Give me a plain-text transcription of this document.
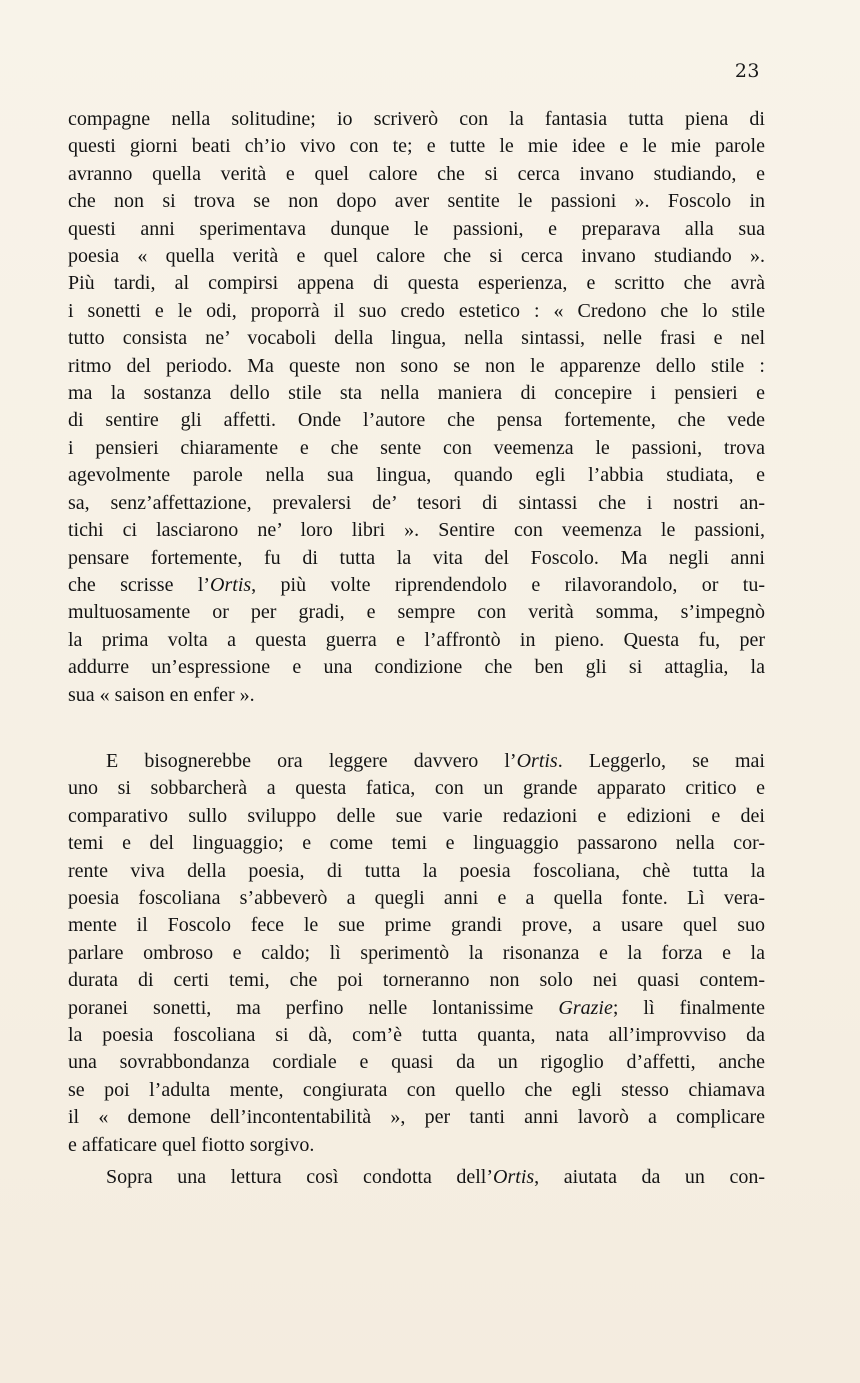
23
compagne nella solitudine; io scriverò con la fantasia tutta piena di
questi giorni beati ch’io vivo con te; e tutte le mie idee e le mie parole
avranno quella verità e quel calore che si cerca invano studiando, e
che non si trova se non dopo aver sentite le passioni ». Foscolo in
questi anni sperimentava dunque le passioni, e preparava alla sua
poesia « quella verità e quel calore che si cerca invano studiando ».
Più tardi, al compirsi appena di questa esperienza, e scritto che avrà
i sonetti e le odi, proporrà il suo credo estetico : « Credono che lo stile
tutto consista ne’ vocaboli della lingua, nella sintassi, nelle frasi e nel
ritmo del periodo. Ma queste non sono se non le apparenze dello stile :
ma la sostanza dello stile sta nella maniera di concepire i pensieri e
di sentire gli affetti. Onde l’autore che pensa fortemente, che vede
i pensieri chiaramente e che sente con veemenza le passioni, trova
agevolmente parole nella sua lingua, quando egli l’abbia studiata, e
sa, senz’affettazione, prevalersi de’ tesori di sintassi che i nostri an-
tichi ci lasciarono ne’ loro libri ». Sentire con veemenza le passioni,
pensare fortemente, fu di tutta la vita del Foscolo. Ma negli anni
che scrisse l’Ortis, più volte riprendendolo e rilavorandolo, or tu-
multuosamente or per gradi, e sempre con verità somma, s’impegnò
la prima volta a questa guerra e l’affrontò in pieno. Questa fu, per
addurre un’espressione e una condizione che ben gli si attaglia, la
sua « saison en enfer ».
E bisognerebbe ora leggere davvero l’Ortis. Leggerlo, se mai
uno si sobbarcherà a questa fatica, con un grande apparato critico e
comparativo sullo sviluppo delle sue varie redazioni e edizioni e dei
temi e del linguaggio; e come temi e linguaggio passarono nella cor-
rente viva della poesia, di tutta la poesia foscoliana, chè tutta la
poesia foscoliana s’abbeverò a quegli anni e a quella fonte. Lì vera-
mente il Foscolo fece le sue prime grandi prove, a usare quel suo
parlare ombroso e caldo; lì sperimentò la risonanza e la forza e la
durata di certi temi, che poi torneranno non solo nei quasi contem-
poranei sonetti, ma perfino nelle lontanissime Grazie; lì finalmente
la poesia foscoliana si dà, com’è tutta quanta, nata all’improvviso da
una sovrabbondanza cordiale e quasi da un rigoglio d’affetti, anche
se poi l’adulta mente, congiurata con quello che egli stesso chiamava
il « demone dell’incontentabilità », per tanti anni lavorò a complicare
e affaticare quel fiotto sorgivo.
Sopra una lettura così condotta dell’Ortis, aiutata da un con-
